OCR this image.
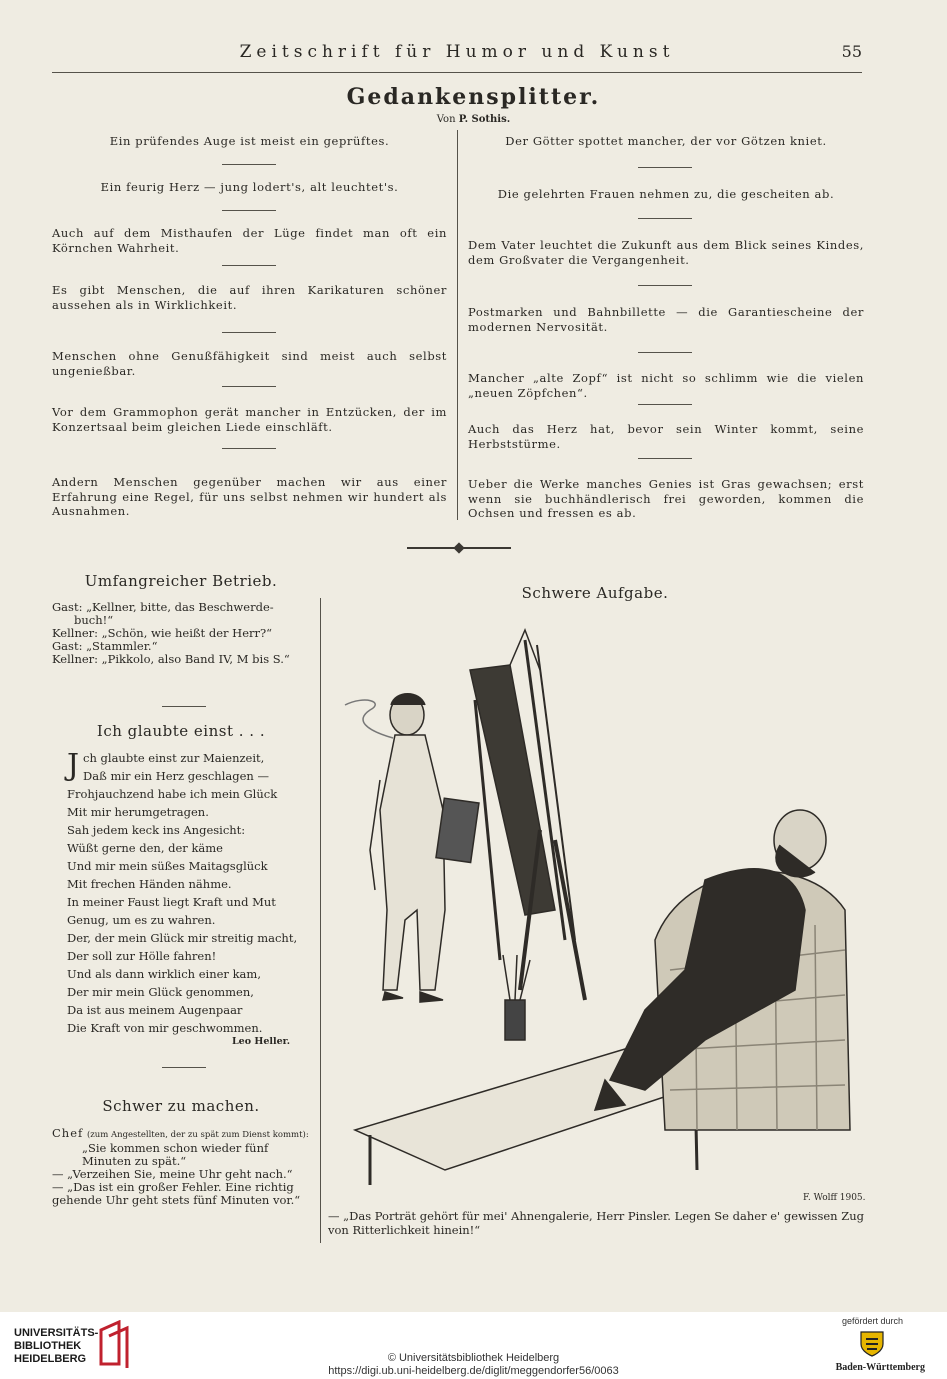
Zeitschrift für Humor und Kunst	55
Gedankensplitter.
Von P. Sothis.
Ein prüfendes Auge ist meist ein geprüftes.
Ein feurig Herz — jung lodert's, alt leuchtet's.
Auch auf dem Misthaufen der Lüge findet man oft ein Körnchen Wahrheit.
Es gibt Menschen, die auf ihren Karikaturen schöner aussehen als in Wirklichkeit.
Menschen ohne Genußfähigkeit sind meist auch selbst ungenießbar.
Vor dem Grammophon gerät mancher in Entzücken, der im Konzertsaal beim gleichen Liede einschläft.
Andern Menschen gegenüber machen wir aus einer Erfahrung eine Regel, für uns selbst nehmen wir hundert als Ausnahmen.
Der Götter spottet mancher, der vor Götzen kniet.
Die gelehrten Frauen nehmen zu, die gescheiten ab.
Dem Vater leuchtet die Zukunft aus dem Blick seines Kindes, dem Großvater die Vergangenheit.
Postmarken und Bahnbillette — die Garantiescheine der modernen Nervosität.
Mancher „alte Zopf“ ist nicht so schlimm wie die vielen „neuen Zöpfchen“.
Auch das Herz hat, bevor sein Winter kommt, seine Herbststürme.
Ueber die Werke manches Genies ist Gras gewachsen; erst wenn sie buchhändlerisch frei geworden, kommen die Ochsen und fressen es ab.
Umfangreicher Betrieb.
Gast: „Kellner, bitte, das Beschwerde-
buch!“
Kellner: „Schön, wie heißt der Herr?“
Gast: „Stammler.“
Kellner: „Pikkolo, also Band IV, M bis S.“
Ich glaubte einst . . .
J ch glaubte einst zur Maienzeit,
Daß mir ein Herz geschlagen —
Frohjauchzend habe ich mein Glück
Mit mir herumgetragen.
Sah jedem keck ins Angesicht:
Wüßt gerne den, der käme
Und mir mein süßes Maitagsglück
Mit frechen Händen nähme.
In meiner Faust liegt Kraft und Mut
Genug, um es zu wahren.
Der, der mein Glück mir streitig macht,
Der soll zur Hölle fahren!
Und als dann wirklich einer kam,
Der mir mein Glück genommen,
Da ist aus meinem Augenpaar
Die Kraft von mir geschwommen.
Leo Heller.
Schwer zu machen.
Chef (zum Angestellten, der zu spät zum Dienst kommt):
„Sie kommen schon wieder fünf Minuten zu spät.“
— „Verzeihen Sie, meine Uhr geht nach.“
— „Das ist ein großer Fehler. Eine richtig gehende Uhr geht stets fünf Minuten vor.“
Schwere Aufgabe.
F. Wolff 1905.
— „Das Porträt gehört für mei' Ahnengalerie, Herr Pinsler. Legen Se daher e' gewissen Zug von Ritterlichkeit hinein!“
UNIVERSITÄTS-
BIBLIOTHEK
HEIDELBERG	© Universitätsbibliothek Heidelberg
https://digi.ub.uni-heidelberg.de/diglit/meggendorfer56/0063
gefördert durch
Baden-Württemberg
